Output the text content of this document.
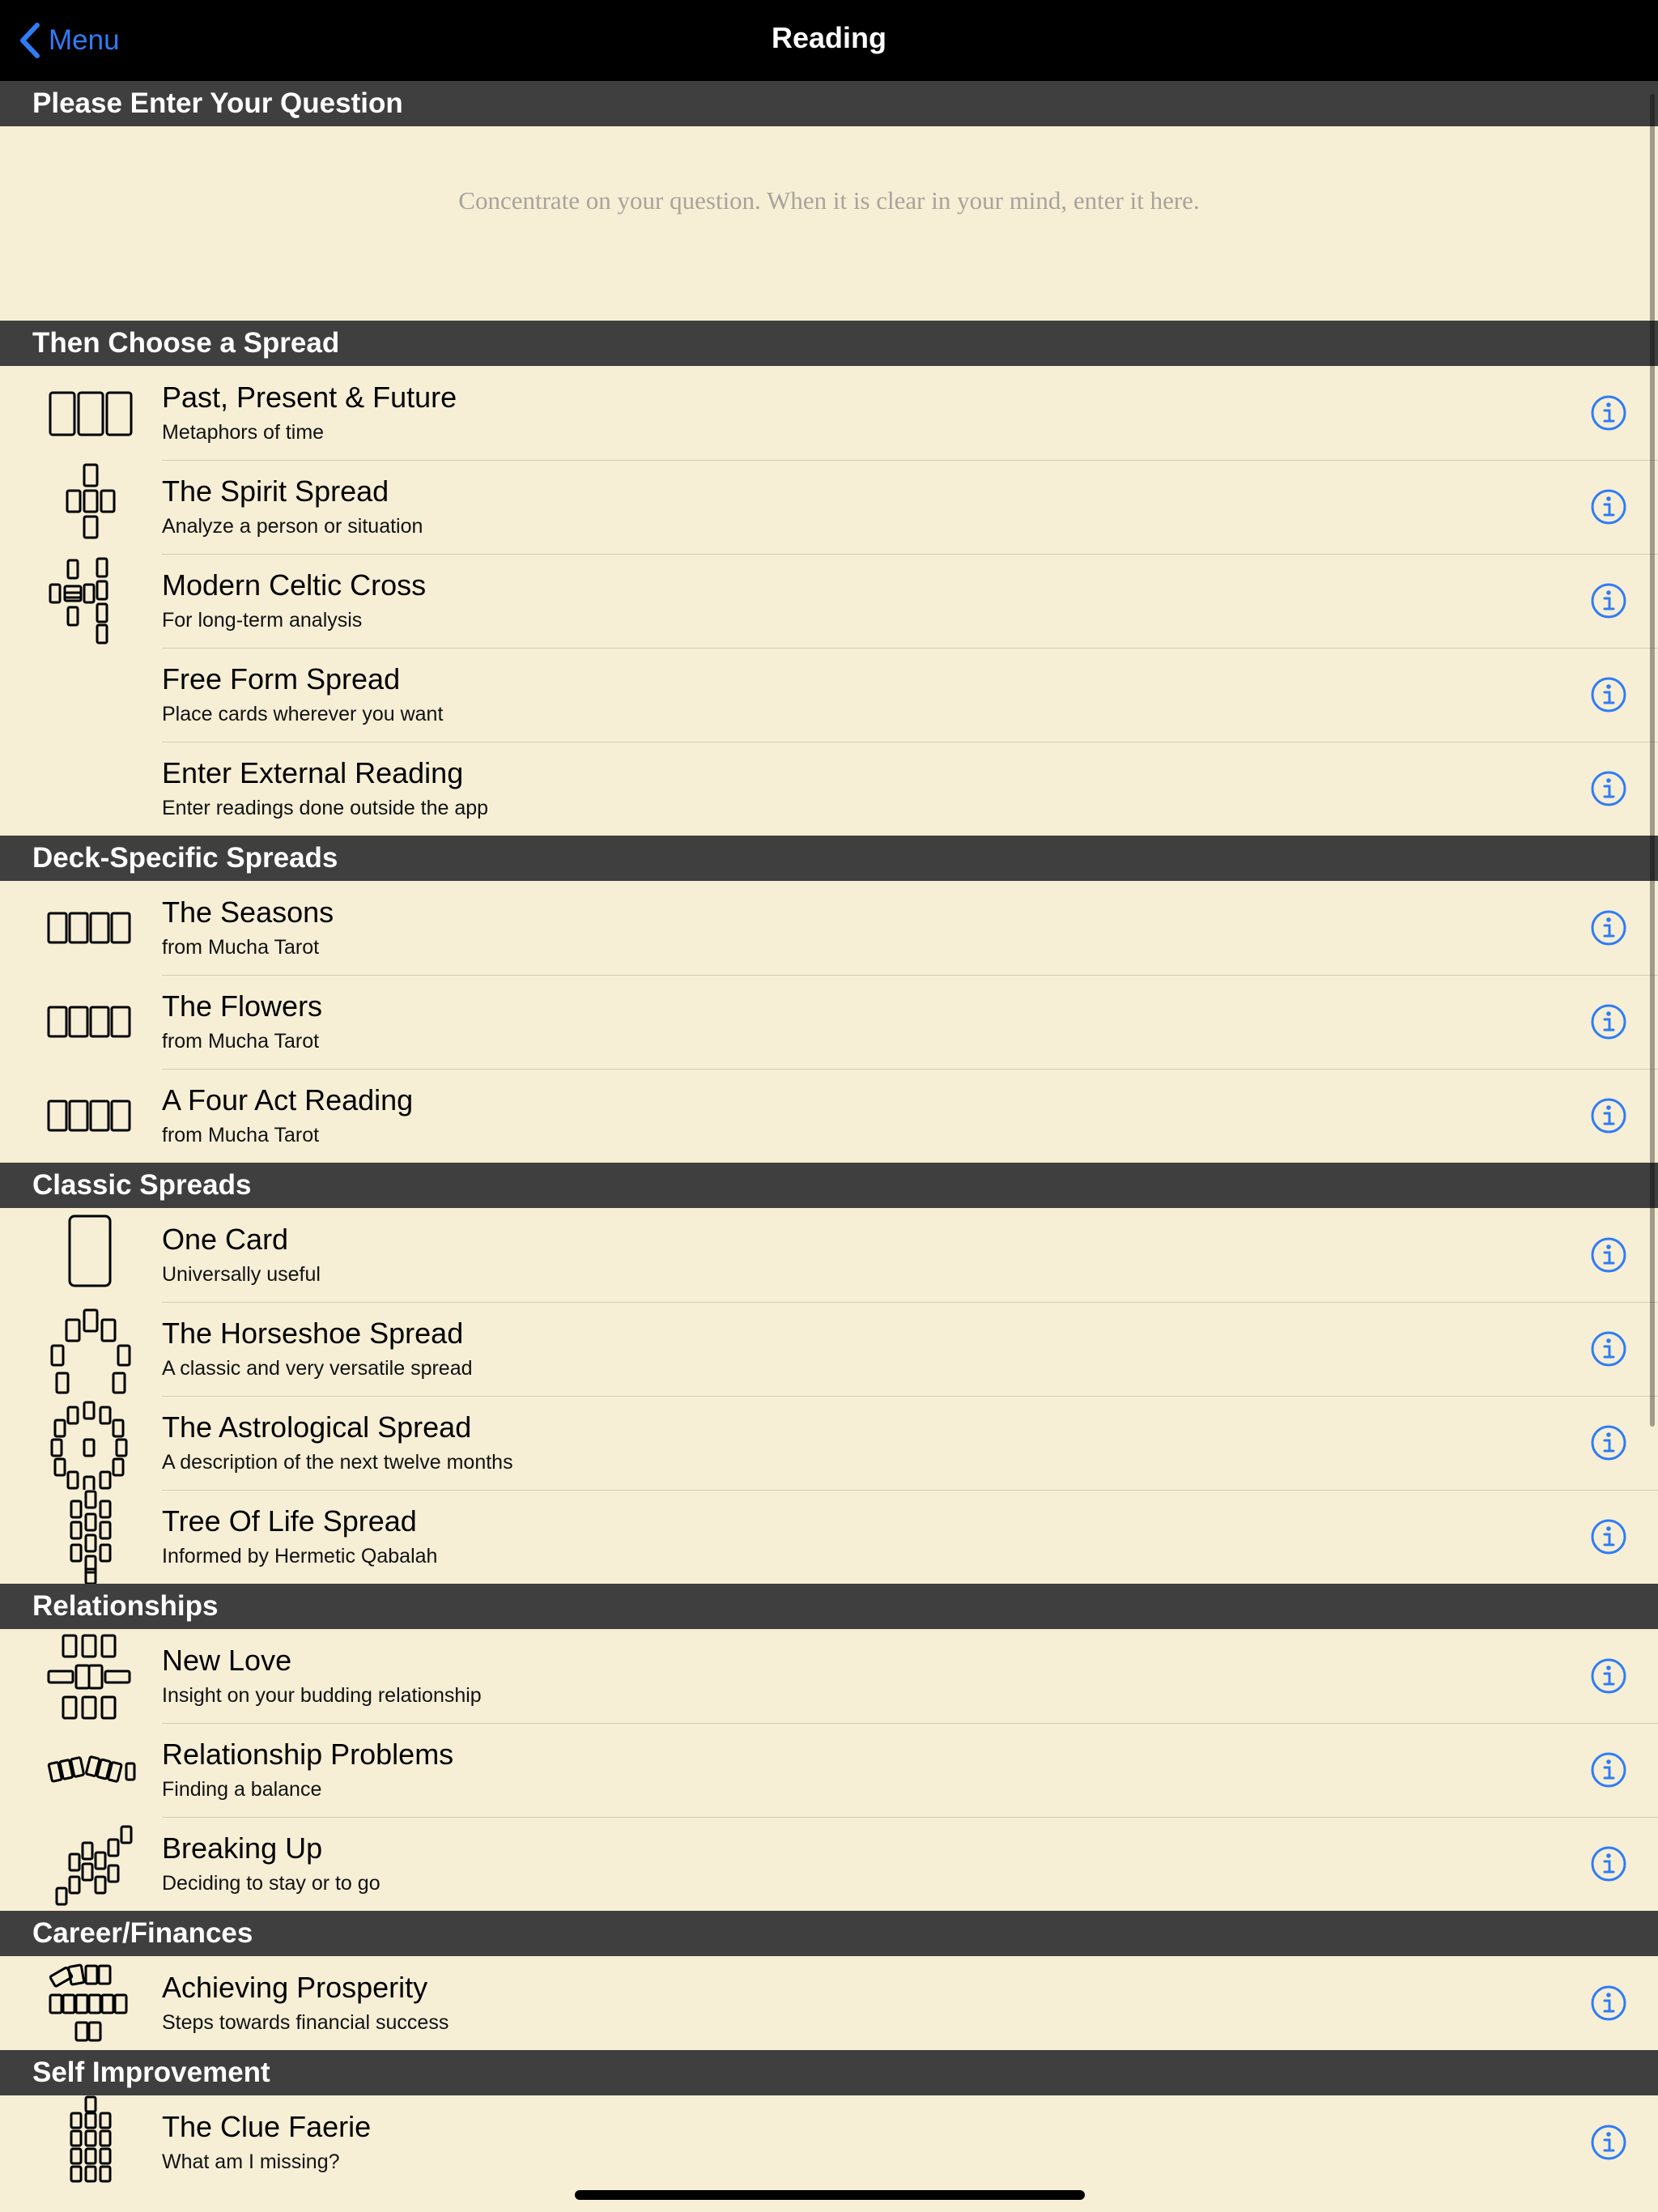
Menu	Reading
Please Enter Your Question
Concentrate on your question. When it is clear in your mind, enter it here.
Then Choose a Spread
Past, Present & Future
Metaphors of time
The Spirit Spread
Analyze a person or situation
Modern Celtic Cross
For long-term analysis
Free Form Spread
Place cards wherever you want
Enter External Reading
Enter readings done outside the app
Deck-Specific Spreads
The Seasons
from Mucha Tarot
The Flowers
from Mucha Tarot
A Four Act Reading
from Mucha Tarot
Classic Spreads
One Card
Universally useful
The Horseshoe Spread
A classic and very versatile spread
The Astrological Spread
A description of the next twelve months
Tree Of Life Spread
Informed by Hermetic Qabalah
Relationships
New Love
Insight on your budding relationship
Relationship Problems
Finding a balance
Breaking Up
Deciding to stay or to go
Career/Finances
Achieving Prosperity
Steps towards financial success
Self Improvement
The Clue Faerie
What am I missing?
